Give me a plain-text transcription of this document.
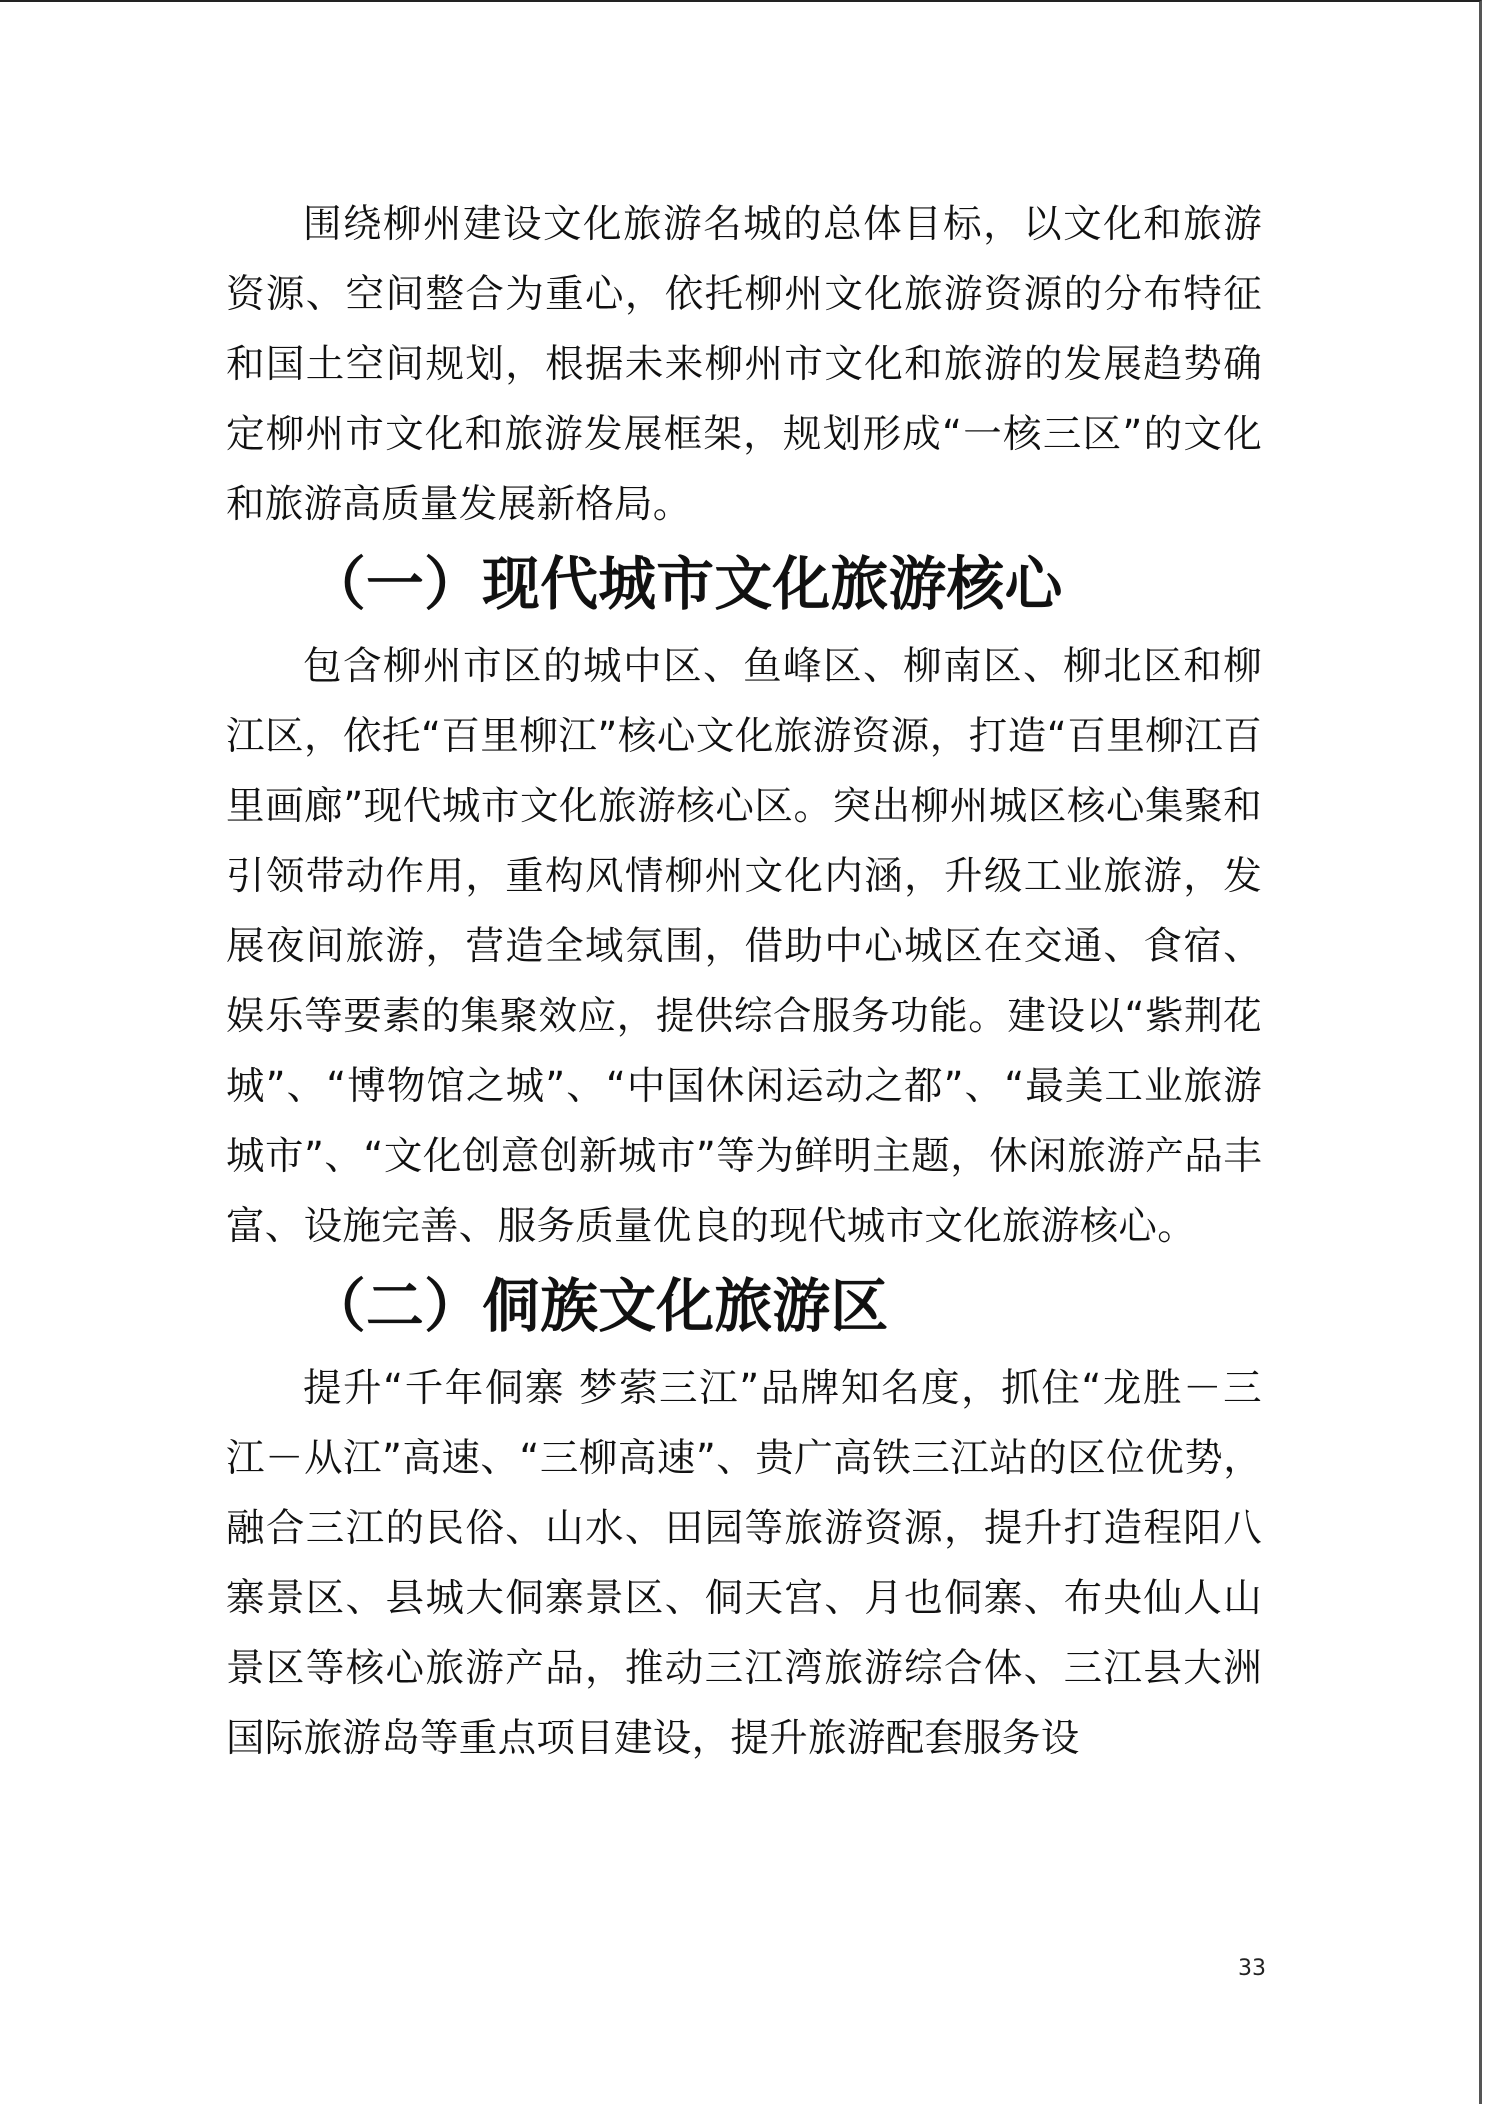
围绕柳州建设文化旅游名城的总体目标，以文化和旅游资源、空间整合为重心，依托柳州文化旅游资源的分布特征和国土空间规划，根据未来柳州市文化和旅游的发展趋势确定柳州市文化和旅游发展框架，规划形成“一核三区”的文化和旅游高质量发展新格局。

（一）现代城市文化旅游核心

包含柳州市区的城中区、鱼峰区、柳南区、柳北区和柳江区，依托“百里柳江”核心文化旅游资源，打造“百里柳江百里画廊”现代城市文化旅游核心区。突出柳州城区核心集聚和引领带动作用，重构风情柳州文化内涵，升级工业旅游，发展夜间旅游，营造全域氛围，借助中心城区在交通、食宿、娱乐等要素的集聚效应，提供综合服务功能。建设以“紫荆花城”、“博物馆之城”、“中国休闲运动之都”、“最美工业旅游城市”、“文化创意创新城市”等为鲜明主题，休闲旅游产品丰富、设施完善、服务质量优良的现代城市文化旅游核心。

（二）侗族文化旅游区

提升“千年侗寨 梦萦三江”品牌知名度，抓住“龙胜－三江－从江”高速、“三柳高速”、贵广高铁三江站的区位优势，融合三江的民俗、山水、田园等旅游资源，提升打造程阳八寨景区、县城大侗寨景区、侗天宫、月也侗寨、布央仙人山景区等核心旅游产品，推动三江湾旅游综合体、三江县大洲国际旅游岛等重点项目建设，提升旅游配套服务设

33
